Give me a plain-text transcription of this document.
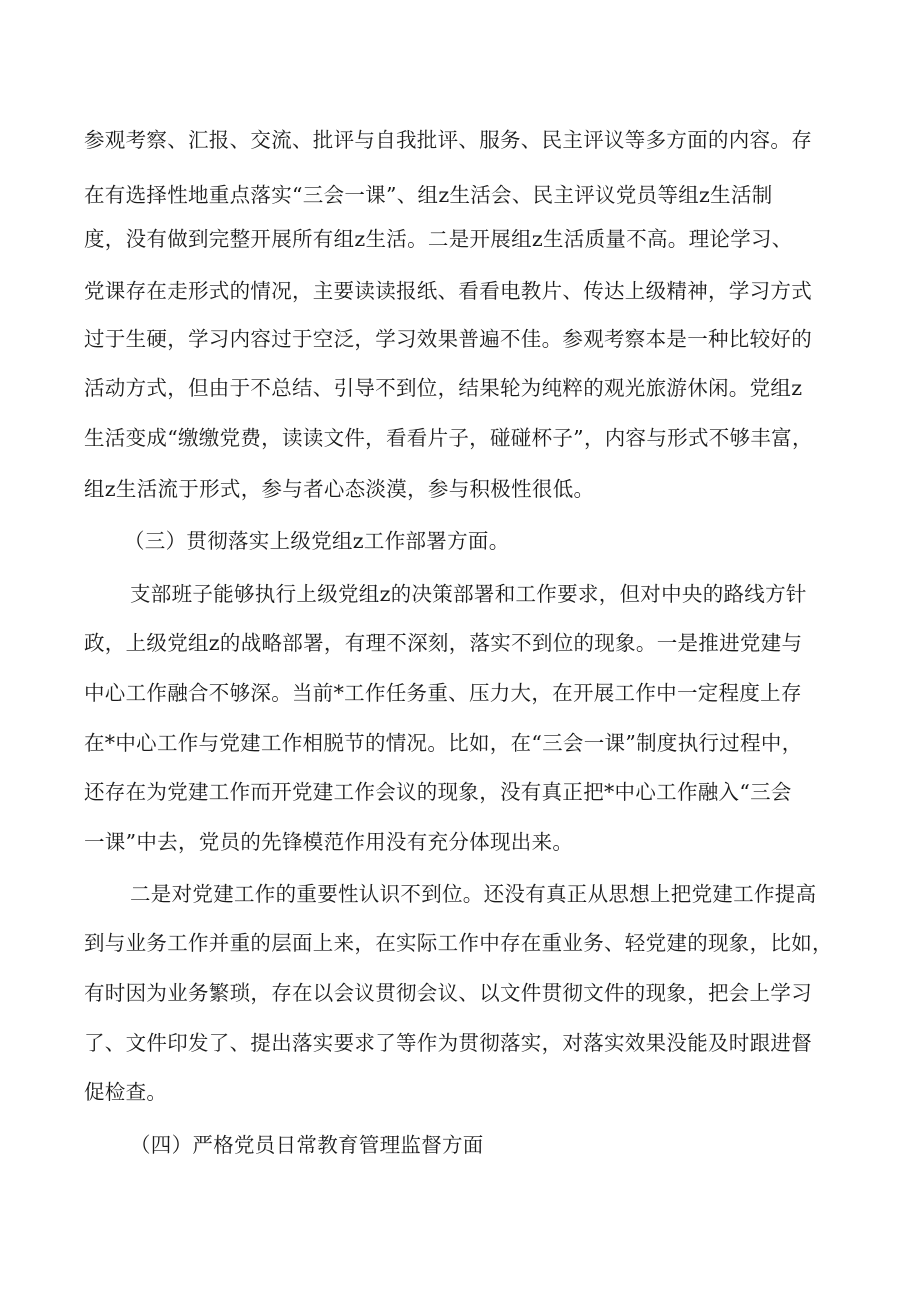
参观考察、汇报、交流、批评与自我批评、服务、民主评议等多方面的内容。存
在有选择性地重点落实“三会一课”、组z生活会、民主评议党员等组z生活制
度，没有做到完整开展所有组z生活。二是开展组z生活质量不高。理论学习、
党课存在走形式的情况，主要读读报纸、看看电教片、传达上级精神，学习方式
过于生硬，学习内容过于空泛，学习效果普遍不佳。参观考察本是一种比较好的
活动方式，但由于不总结、引导不到位，结果轮为纯粹的观光旅游休闲。党组z
生活变成“缴缴党费，读读文件，看看片子，碰碰杯子”，内容与形式不够丰富，
组z生活流于形式，参与者心态淡漠，参与积极性很低。
（三）贯彻落实上级党组z工作部署方面。
支部班子能够执行上级党组z的决策部署和工作要求，但对中央的路线方针
政，上级党组z的战略部署，有理不深刻，落实不到位的现象。一是推进党建与
中心工作融合不够深。当前*工作任务重、压力大，在开展工作中一定程度上存
在*中心工作与党建工作相脱节的情况。比如，在“三会一课”制度执行过程中，
还存在为党建工作而开党建工作会议的现象，没有真正把*中心工作融入“三会
一课”中去，党员的先锋模范作用没有充分体现出来。
二是对党建工作的重要性认识不到位。还没有真正从思想上把党建工作提高
到与业务工作并重的层面上来，在实际工作中存在重业务、轻党建的现象，比如，
有时因为业务繁琐，存在以会议贯彻会议、以文件贯彻文件的现象，把会上学习
了、文件印发了、提出落实要求了等作为贯彻落实，对落实效果没能及时跟进督
促检查。
（四）严格党员日常教育管理监督方面
